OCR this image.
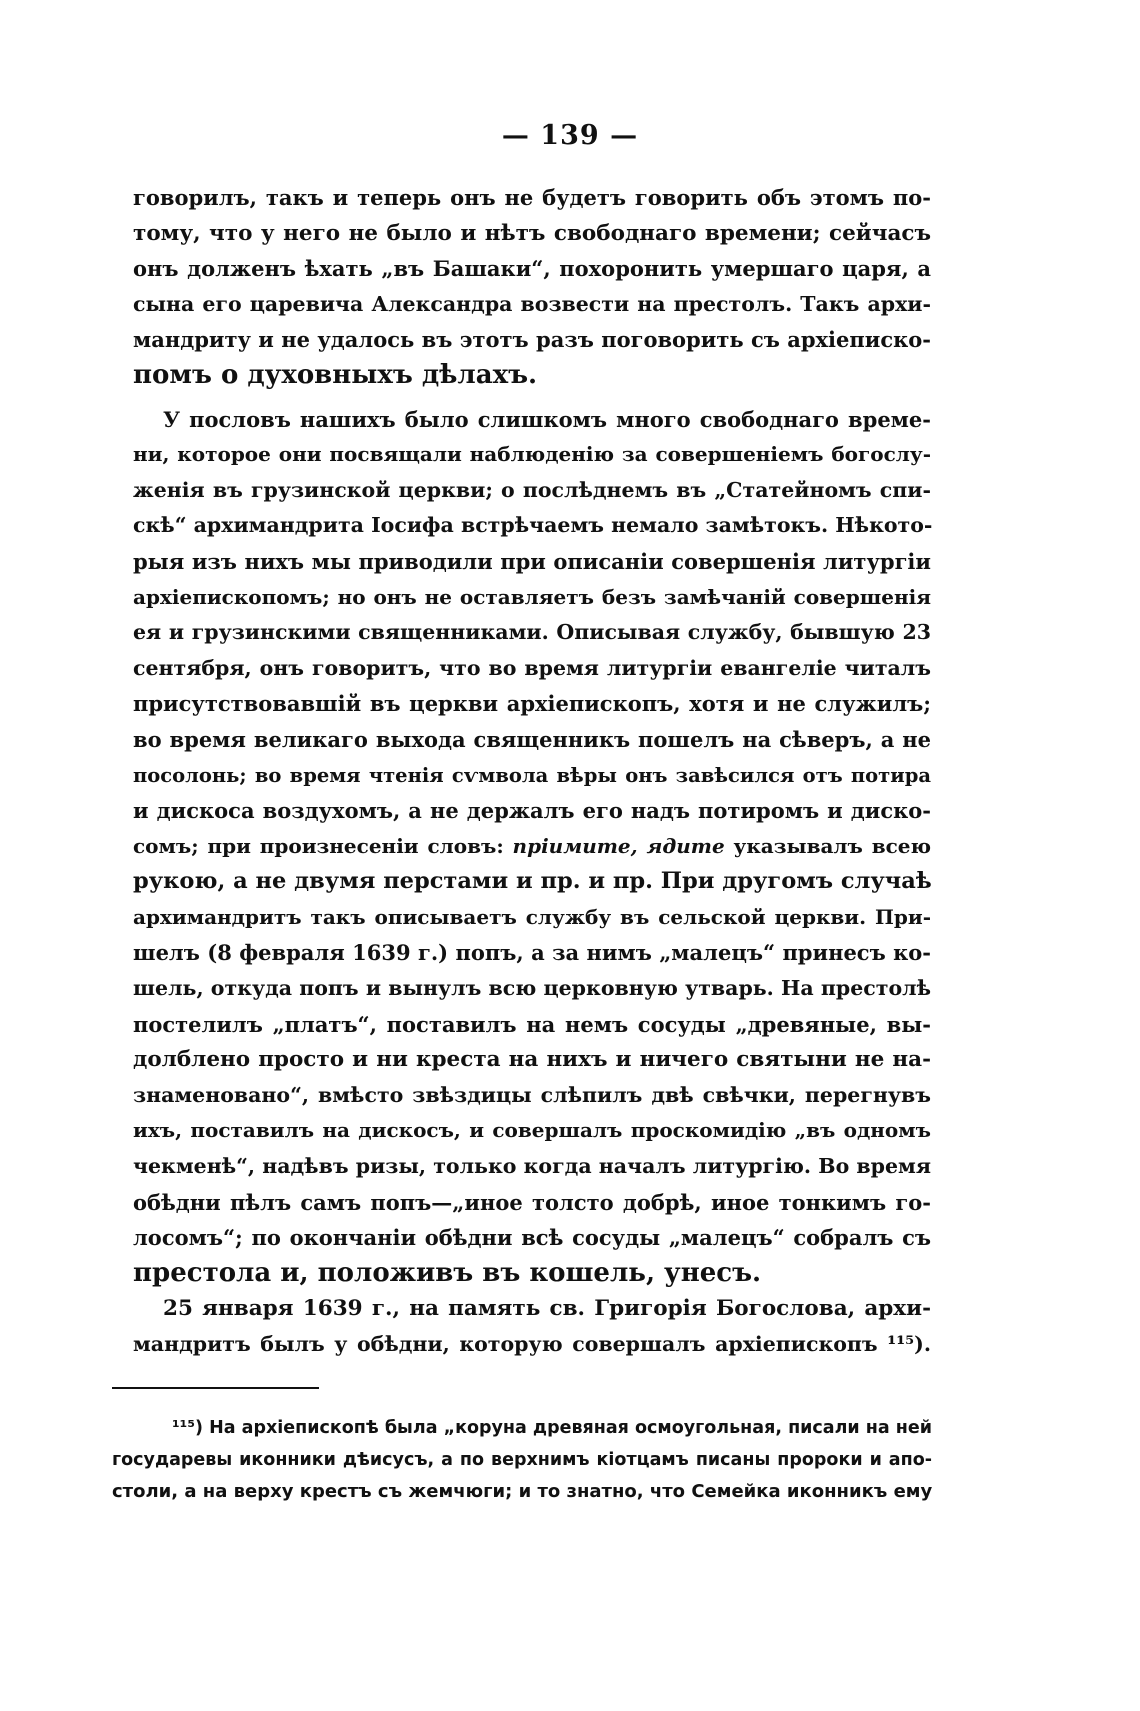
— 139 —
говорилъ, такъ и теперь онъ не будетъ говорить объ этомъ по-
тому, что у него не было и нѣтъ свободнаго времени; сейчасъ
онъ долженъ ѣхать „въ Башаки“, похоронить умершаго царя, а
сына его царевича Александра возвести на престолъ. Такъ архи-
мандриту и не удалось въ этотъ разъ поговорить съ архіеписко-
помъ о духовныхъ дѣлахъ.
У пословъ нашихъ было слишкомъ много свободнаго време-
ни, которое они посвящали наблюденію за совершеніемъ богослу-
женія въ грузинской церкви; о послѣднемъ въ „Статейномъ спи-
скѣ“ архимандрита Іосифа встрѣчаемъ немало замѣтокъ. Нѣкото-
рыя изъ нихъ мы приводили при описаніи совершенія литургіи
архіепископомъ; но онъ не оставляетъ безъ замѣчаній совершенія
ея и грузинскими священниками. Описывая службу, бывшую 23
сентября, онъ говоритъ, что во время литургіи евангеліе читалъ
присутствовавшій въ церкви архіепископъ, хотя и не служилъ;
во время великаго выхода священникъ пошелъ на сѣверъ, а не
посолонь; во время чтенія сѵмвола вѣры онъ завѣсился отъ потира
и дискоса воздухомъ, а не держалъ его надъ потиромъ и диско-
сомъ; при произнесеніи словъ: пріимите, ядите указывалъ всею
рукою, а не двумя перстами и пр. и пр. При другомъ случаѣ
архимандритъ такъ описываетъ службу въ сельской церкви. При-
шелъ (8 февраля 1639 г.) попъ, а за нимъ „малецъ“ принесъ ко-
шель, откуда попъ и вынулъ всю церковную утварь. На престолѣ
постелилъ „платъ“, поставилъ на немъ сосуды „древяные, вы-
долблено просто и ни креста на нихъ и ничего святыни не на-
знаменовано“, вмѣсто звѣздицы слѣпилъ двѣ свѣчки, перегнувъ
ихъ, поставилъ на дискосъ, и совершалъ проскомидію „въ одномъ
чекменѣ“, надѣвъ ризы, только когда началъ литургію. Во время
обѣдни пѣлъ самъ попъ—„иное толсто добрѣ, иное тонкимъ го-
лосомъ“; по окончаніи обѣдни всѣ сосуды „малецъ“ собралъ съ
престола и, положивъ въ кошель, унесъ.
25 января 1639 г., на память св. Григорія Богослова, архи-
мандритъ былъ у обѣдни, которую совершалъ архіепископъ ¹¹⁵).
¹¹⁵) На архіепископѣ была „коруна древяная осмоугольная, писали на ней
государевы иконники дѣисусъ, а по верхнимъ кіотцамъ писаны пророки и апо-
столи, а на верху крестъ съ жемчюги; и то знатно, что Семейка иконникъ ему
